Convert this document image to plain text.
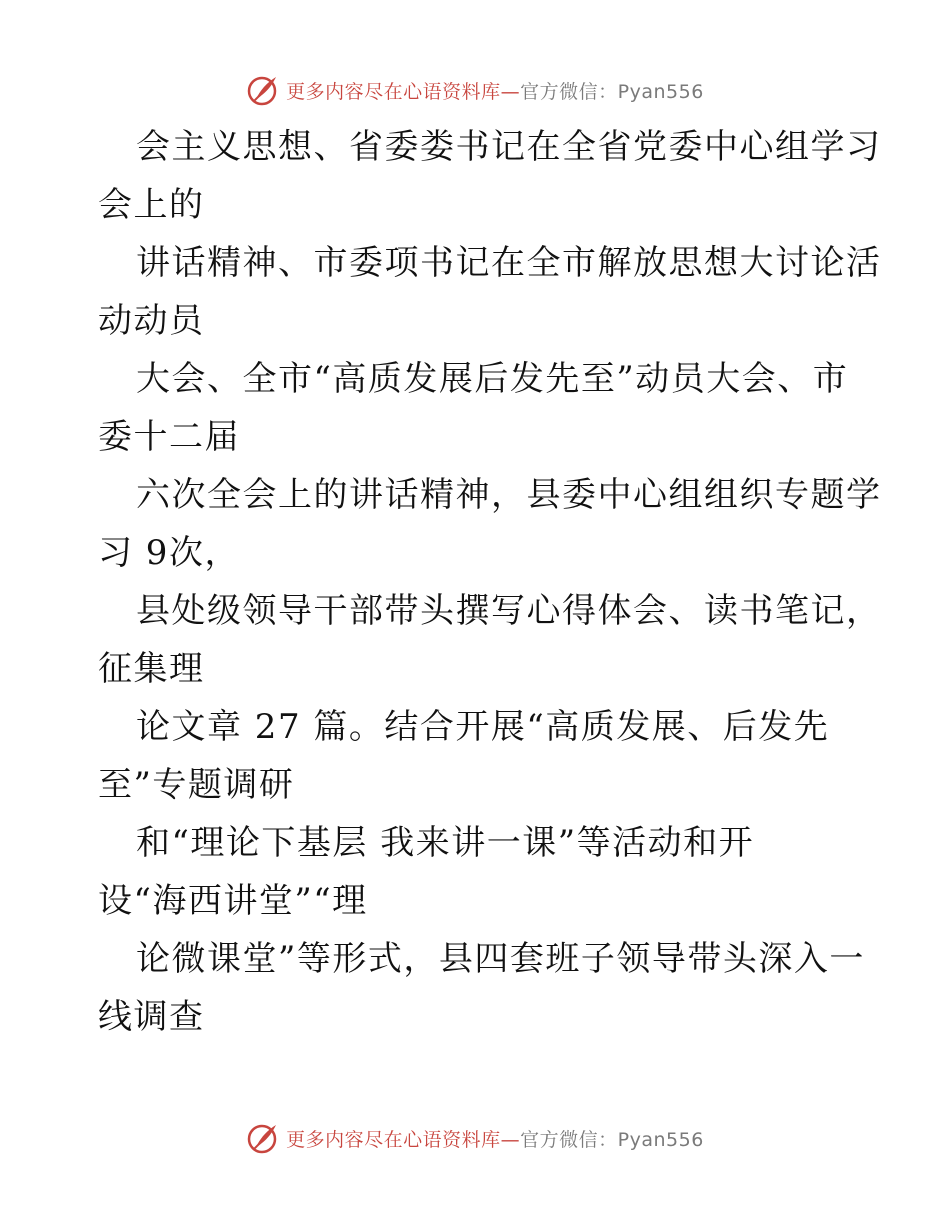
更多内容尽在心语资料库—官方微信：Pyan556
会主义思想、省委娄书记在全省党委中心组学习
会上的
讲话精神、市委项书记在全市解放思想大讨论活
动动员
大会、全市“高质发展后发先至”动员大会、市
委十二届
六次全会上的讲话精神，县委中心组组织专题学
习 9次，
县处级领导干部带头撰写心得体会、读书笔记，
征集理
论文章 27 篇。结合开展“高质发展、后发先
至”专题调研
和“理论下基层 我来讲一课”等活动和开
设“海西讲堂”“理
论微课堂”等形式，县四套班子领导带头深入一
线调查
更多内容尽在心语资料库—官方微信：Pyan556
